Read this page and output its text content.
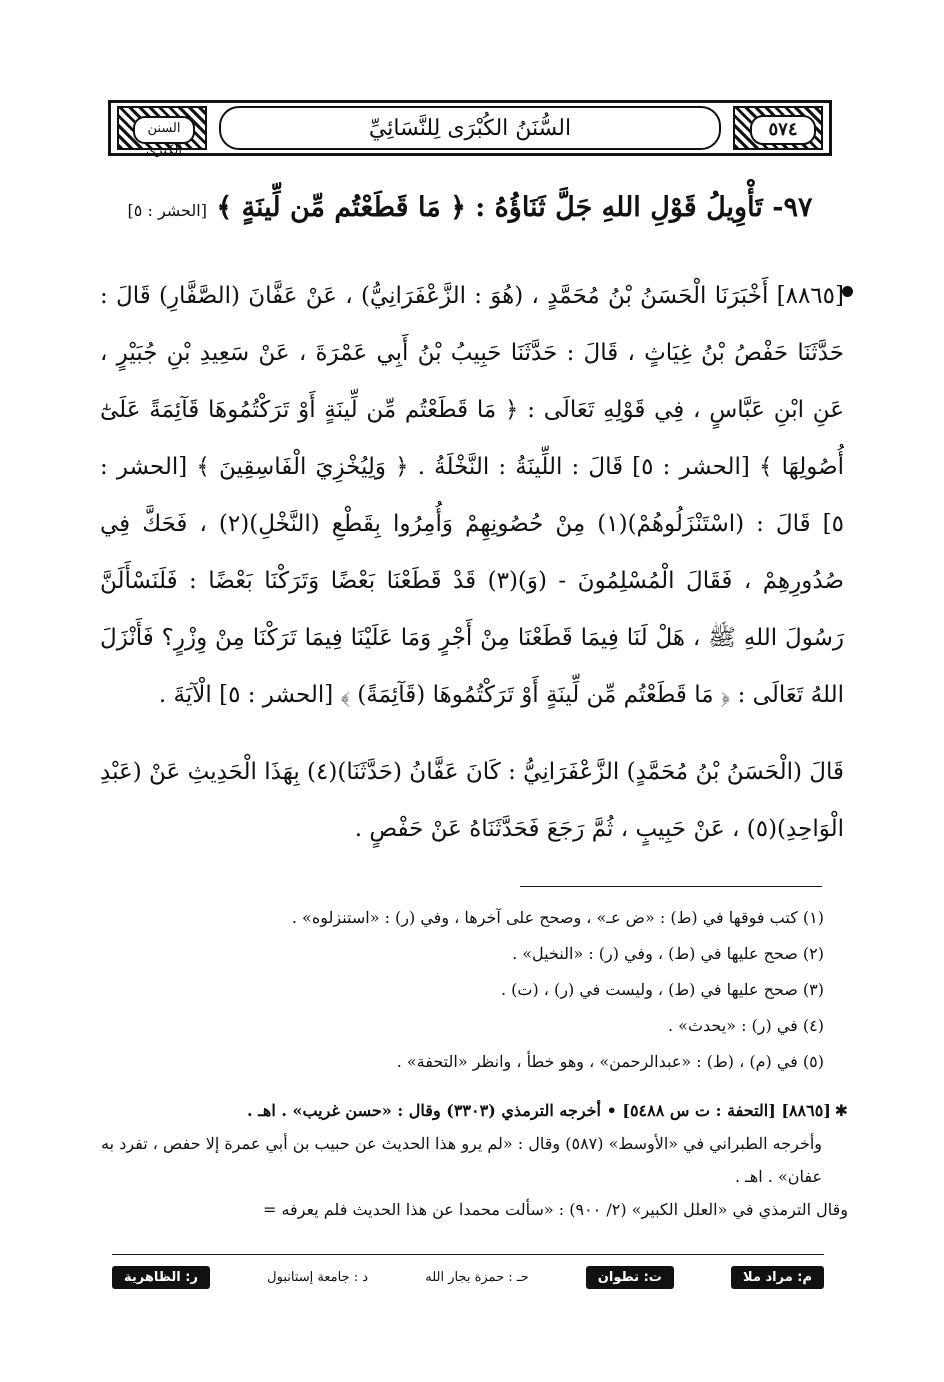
السنن الكبرى
السُّنَنُ الكُبْرَى لِلنَّسَائِيِّ	٥٧٤
٩٧- تَأْوِيلُ قَوْلِ اللهِ جَلَّ ثَنَاؤُهُ : ﴿ مَا قَطَعْتُم مِّن لِّينَةٍ ﴾ [الحشر : ٥]
[٨٨٦٥] أَخْبَرَنَا الْحَسَنُ بْنُ مُحَمَّدٍ ، (هُوَ : الزَّعْفَرَانِيُّ) ، عَنْ عَفَّانَ (الصَّفَّارِ) قَالَ : حَدَّثَنَا حَفْصُ بْنُ غِيَاثٍ ، قَالَ : حَدَّثَنَا حَبِيبُ بْنُ أَبِي عَمْرَةَ ، عَنْ سَعِيدِ بْنِ جُبَيْرٍ ، عَنِ ابْنِ عَبَّاسٍ ، فِي قَوْلِهِ تَعَالَى : ﴿ مَا قَطَعْتُم مِّن لِّينَةٍ أَوْ تَرَكْتُمُوهَا قَآئِمَةً عَلَىٰٓ أُصُولِهَا ﴾ [الحشر : ٥] قَالَ : اللِّينَةُ : النَّخْلَةُ . ﴿ وَلِيُخْزِيَ الْفَاسِقِينَ ﴾ [الحشر : ٥] قَالَ : (اسْتَنْزَلُوهُمْ)(١) مِنْ حُصُونِهِمْ وَأُمِرُوا بِقَطْعِ (النَّخْلِ)(٢) ، فَحَكَّ فِي صُدُورِهِمْ ، فَقَالَ الْمُسْلِمُونَ - (وَ)(٣) قَدْ قَطَعْنَا بَعْضًا وَتَرَكْنَا بَعْضًا : فَلَنَسْأَلَنَّ رَسُولَ اللهِ ﷺ ، هَلْ لَنَا فِيمَا قَطَعْنَا مِنْ أَجْرٍ وَمَا عَلَيْنَا فِيمَا تَرَكْنَا مِنْ وِزْرٍ؟ فَأَنْزَلَ اللهُ تَعَالَى : ﴿ مَا قَطَعْتُم مِّن لِّينَةٍ أَوْ تَرَكْتُمُوهَا (قَآئِمَةً) ﴾ [الحشر : ٥] الْآيَةَ .
قَالَ (الْحَسَنُ بْنُ مُحَمَّدٍ) الزَّعْفَرَانِيُّ : كَانَ عَفَّانُ (حَدَّثَنَا)(٤) بِهَذَا الْحَدِيثِ عَنْ (عَبْدِ الْوَاحِدِ)(٥) ، عَنْ حَبِيبٍ ، ثُمَّ رَجَعَ فَحَدَّثَنَاهُ عَنْ حَفْصٍ .
(١) كتب فوقها في (ط) : «ض عـ» ، وصحح على آخرها ، وفي (ر) : «استنزلوه» .
(٢) صحح عليها في (ط) ، وفي (ر) : «النخيل» .
(٣) صحح عليها في (ط) ، وليست في (ر) ، (ت) .
(٤) في (ر) : «يحدث» .
(٥) في (م) ، (ط) : «عبدالرحمن» ، وهو خطأ ، وانظر «التحفة» .
✱ [٨٨٦٥] [التحفة : ت س ٥٤٨٨] • أخرجه الترمذي (٣٣٠٣) وقال : «حسن غريب» . اهـ .
وأخرجه الطبراني في «الأوسط» (٥٨٧) وقال : «لم يرو هذا الحديث عن حبيب بن أبي عمرة إلا حفص ، تفرد به عفان» . اهـ .
وقال الترمذي في «العلل الكبير» (٢/ ٩٠٠) : «سألت محمدا عن هذا الحديث فلم يعرفه =
م: مراد ملا
ت: تطوان
حـ : حمزة بجار الله
د : جامعة إستانبول
ر: الظاهرية
